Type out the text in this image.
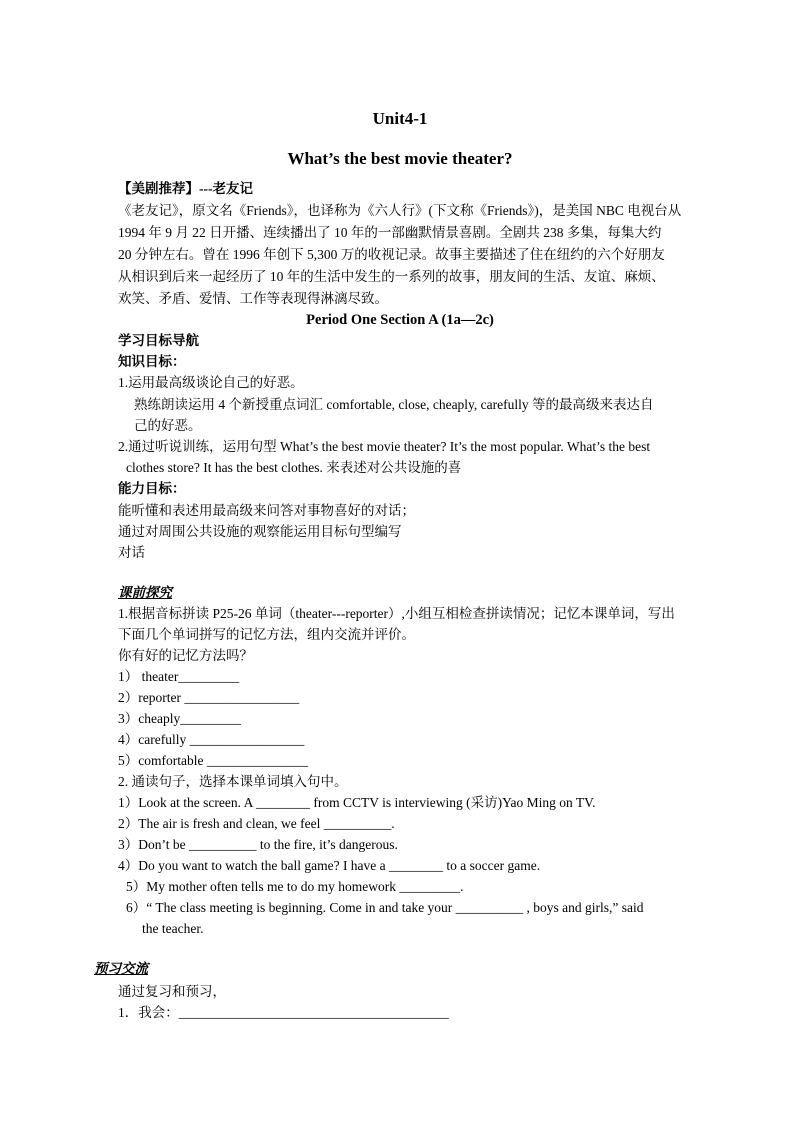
Unit4-1
What’s the best movie theater?
【美剧推荐】---老友记
《老友记》，原文名《Friends》，也译称为《六人行》(下文称《Friends》)，是美国 NBC 电视台从
1994 年 9 月 22 日开播、连续播出了 10 年的一部幽默情景喜剧。全剧共 238 多集，每集大约
20 分钟左右。曾在 1996 年创下 5,300 万的收视记录。故事主要描述了住在纽约的六个好朋友
从相识到后来一起经历了 10 年的生活中发生的一系列的故事，朋友间的生活、友谊、麻烦、
欢笑、矛盾、爱情、工作等表现得淋漓尽致。
Period One Section A (1a—2c)
学习目标导航
知识目标：
1.运用最高级谈论自己的好恶。
熟练朗读运用 4 个新授重点词汇 comfortable, close, cheaply, carefully 等的最高级来表达自
己的好恶。
2.通过听说训练，运用句型 What’s the best movie theater? It’s the most popular. What’s the best
clothes store? It has the best clothes. 来表述对公共设施的喜
能力目标：
能听懂和表述用最高级来问答对事物喜好的对话；
通过对周围公共设施的观察能运用目标句型编写
对话
课前探究
1.根据音标拼读 P25-26 单词（theater---reporter）,小组互相检查拼读情况；记忆本课单词，写出
下面几个单词拼写的记忆方法，组内交流并评价。
你有好的记忆方法吗？
1） theater_________
2）reporter _________________
3）cheaply_________
4）carefully _________________
5）comfortable _______________
2. 通读句子，选择本课单词填入句中。
1）Look at the screen. A ________ from CCTV is interviewing (采访)Yao Ming on TV.
2）The air is fresh and clean, we feel __________.
3）Don’t be __________ to the fire, it’s dangerous.
4）Do you want to watch the ball game? I have a ________ to a soccer game.
5）My mother often tells me to do my homework _________.
6）“ The class meeting is beginning. Come in and take your __________ , boys and girls,” said
the teacher.
预习交流
通过复习和预习，
1．我会：________________________________________
